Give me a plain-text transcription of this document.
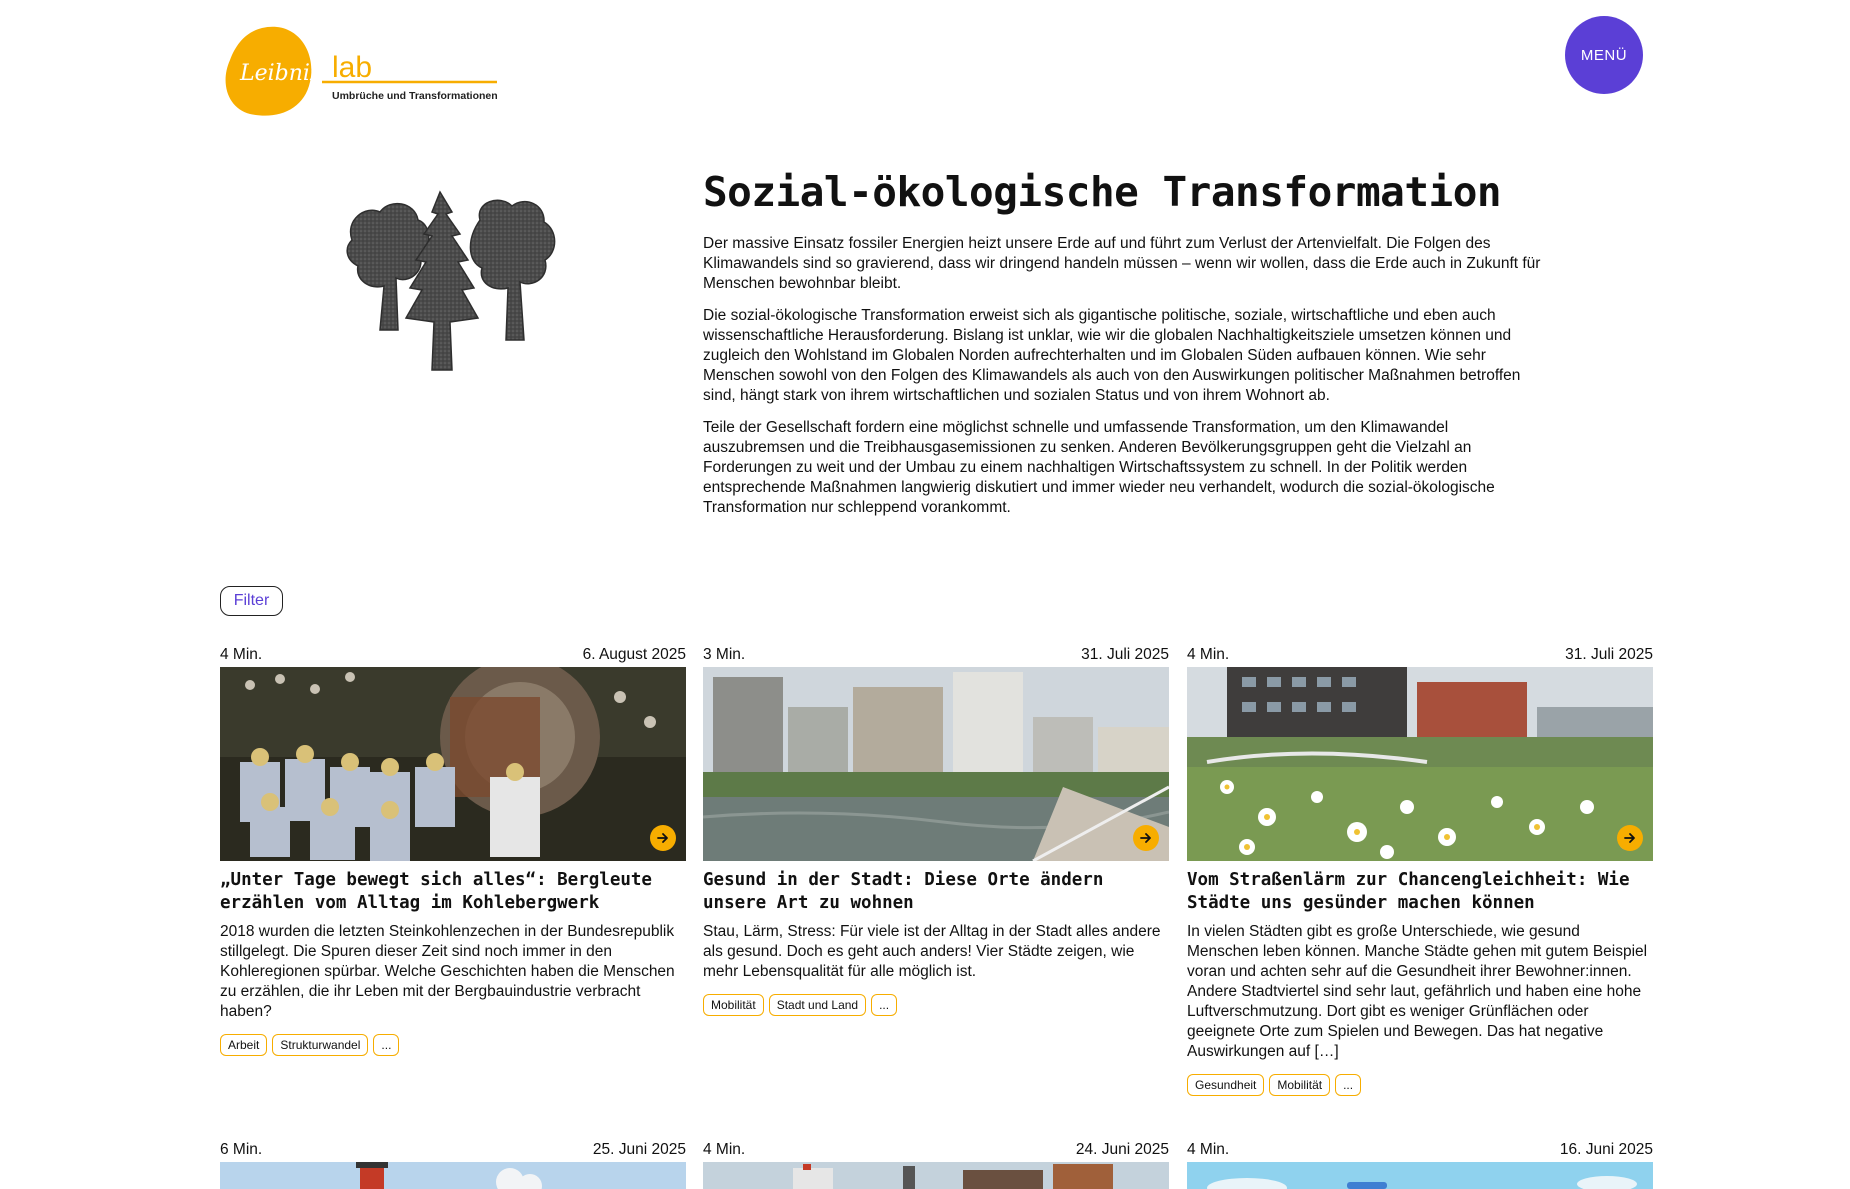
Leibniz lab
Umbrüche und Transformationen
MENÜ
Sozial-ökologische Transformation

Der massive Einsatz fossiler Energien heizt unsere Erde auf und führt zum Verlust der Artenvielfalt. Die Folgen des Klimawandels sind so gravierend, dass wir dringend handeln müssen – wenn wir wollen, dass die Erde auch in Zukunft für Menschen bewohnbar bleibt.

Die sozial-ökologische Transformation erweist sich als gigantische politische, soziale, wirtschaftliche und eben auch wissenschaftliche Herausforderung. Bislang ist unklar, wie wir die globalen Nachhaltigkeitsziele umsetzen können und zugleich den Wohlstand im Globalen Norden aufrechterhalten und im Globalen Süden aufbauen können. Wie sehr Menschen sowohl von den Folgen des Klimawandels als auch von den Auswirkungen politischer Maßnahmen betroffen sind, hängt stark von ihrem wirtschaftlichen und sozialen Status und von ihrem Wohnort ab.

Teile der Gesellschaft fordern eine möglichst schnelle und umfassende Transformation, um den Klimawandel auszubremsen und die Treibhausgasemissionen zu senken. Anderen Bevölkerungsgruppen geht die Vielzahl an Forderungen zu weit und der Umbau zu einem nachhaltigen Wirtschaftssystem zu schnell. In der Politik werden entsprechende Maßnahmen langwierig diskutiert und immer wieder neu verhandelt, wodurch die sozial-ökologische Transformation nur schleppend vorankommt.

Filter
4 Min.	6. August 2025
„Unter Tage bewegt sich alles“: Bergleute erzählen vom Alltag im Kohlebergwerk

2018 wurden die letzten Steinkohlenzechen in der Bundesrepublik stillgelegt. Die Spuren dieser Zeit sind noch immer in den Kohleregionen spürbar. Welche Geschichten haben die Menschen zu erzählen, die ihr Leben mit der Bergbauindustrie verbracht haben?

Arbeit	Strukturwandel	...
3 Min.	31. Juli 2025
Gesund in der Stadt: Diese Orte ändern unsere Art zu wohnen

Stau, Lärm, Stress: Für viele ist der Alltag in der Stadt alles andere als gesund. Doch es geht auch anders! Vier Städte zeigen, wie mehr Lebensqualität für alle möglich ist.

Mobilität	Stadt und Land	...
4 Min.	31. Juli 2025
Vom Straßenlärm zur Chancengleichheit: Wie Städte uns gesünder machen können

In vielen Städten gibt es große Unterschiede, wie gesund Menschen leben können. Manche Städte gehen mit gutem Beispiel voran und achten sehr auf die Gesundheit ihrer Bewohner:innen. Andere Stadtviertel sind sehr laut, gefährlich und haben eine hohe Luftverschmutzung. Dort gibt es weniger Grünflächen oder geeignete Orte zum Spielen und Bewegen. Das hat negative Auswirkungen auf […]

Gesundheit	Mobilität	...
6 Min.	25. Juni 2025 4 Min.	24. Juni 2025 4 Min.	16. Juni 2025
